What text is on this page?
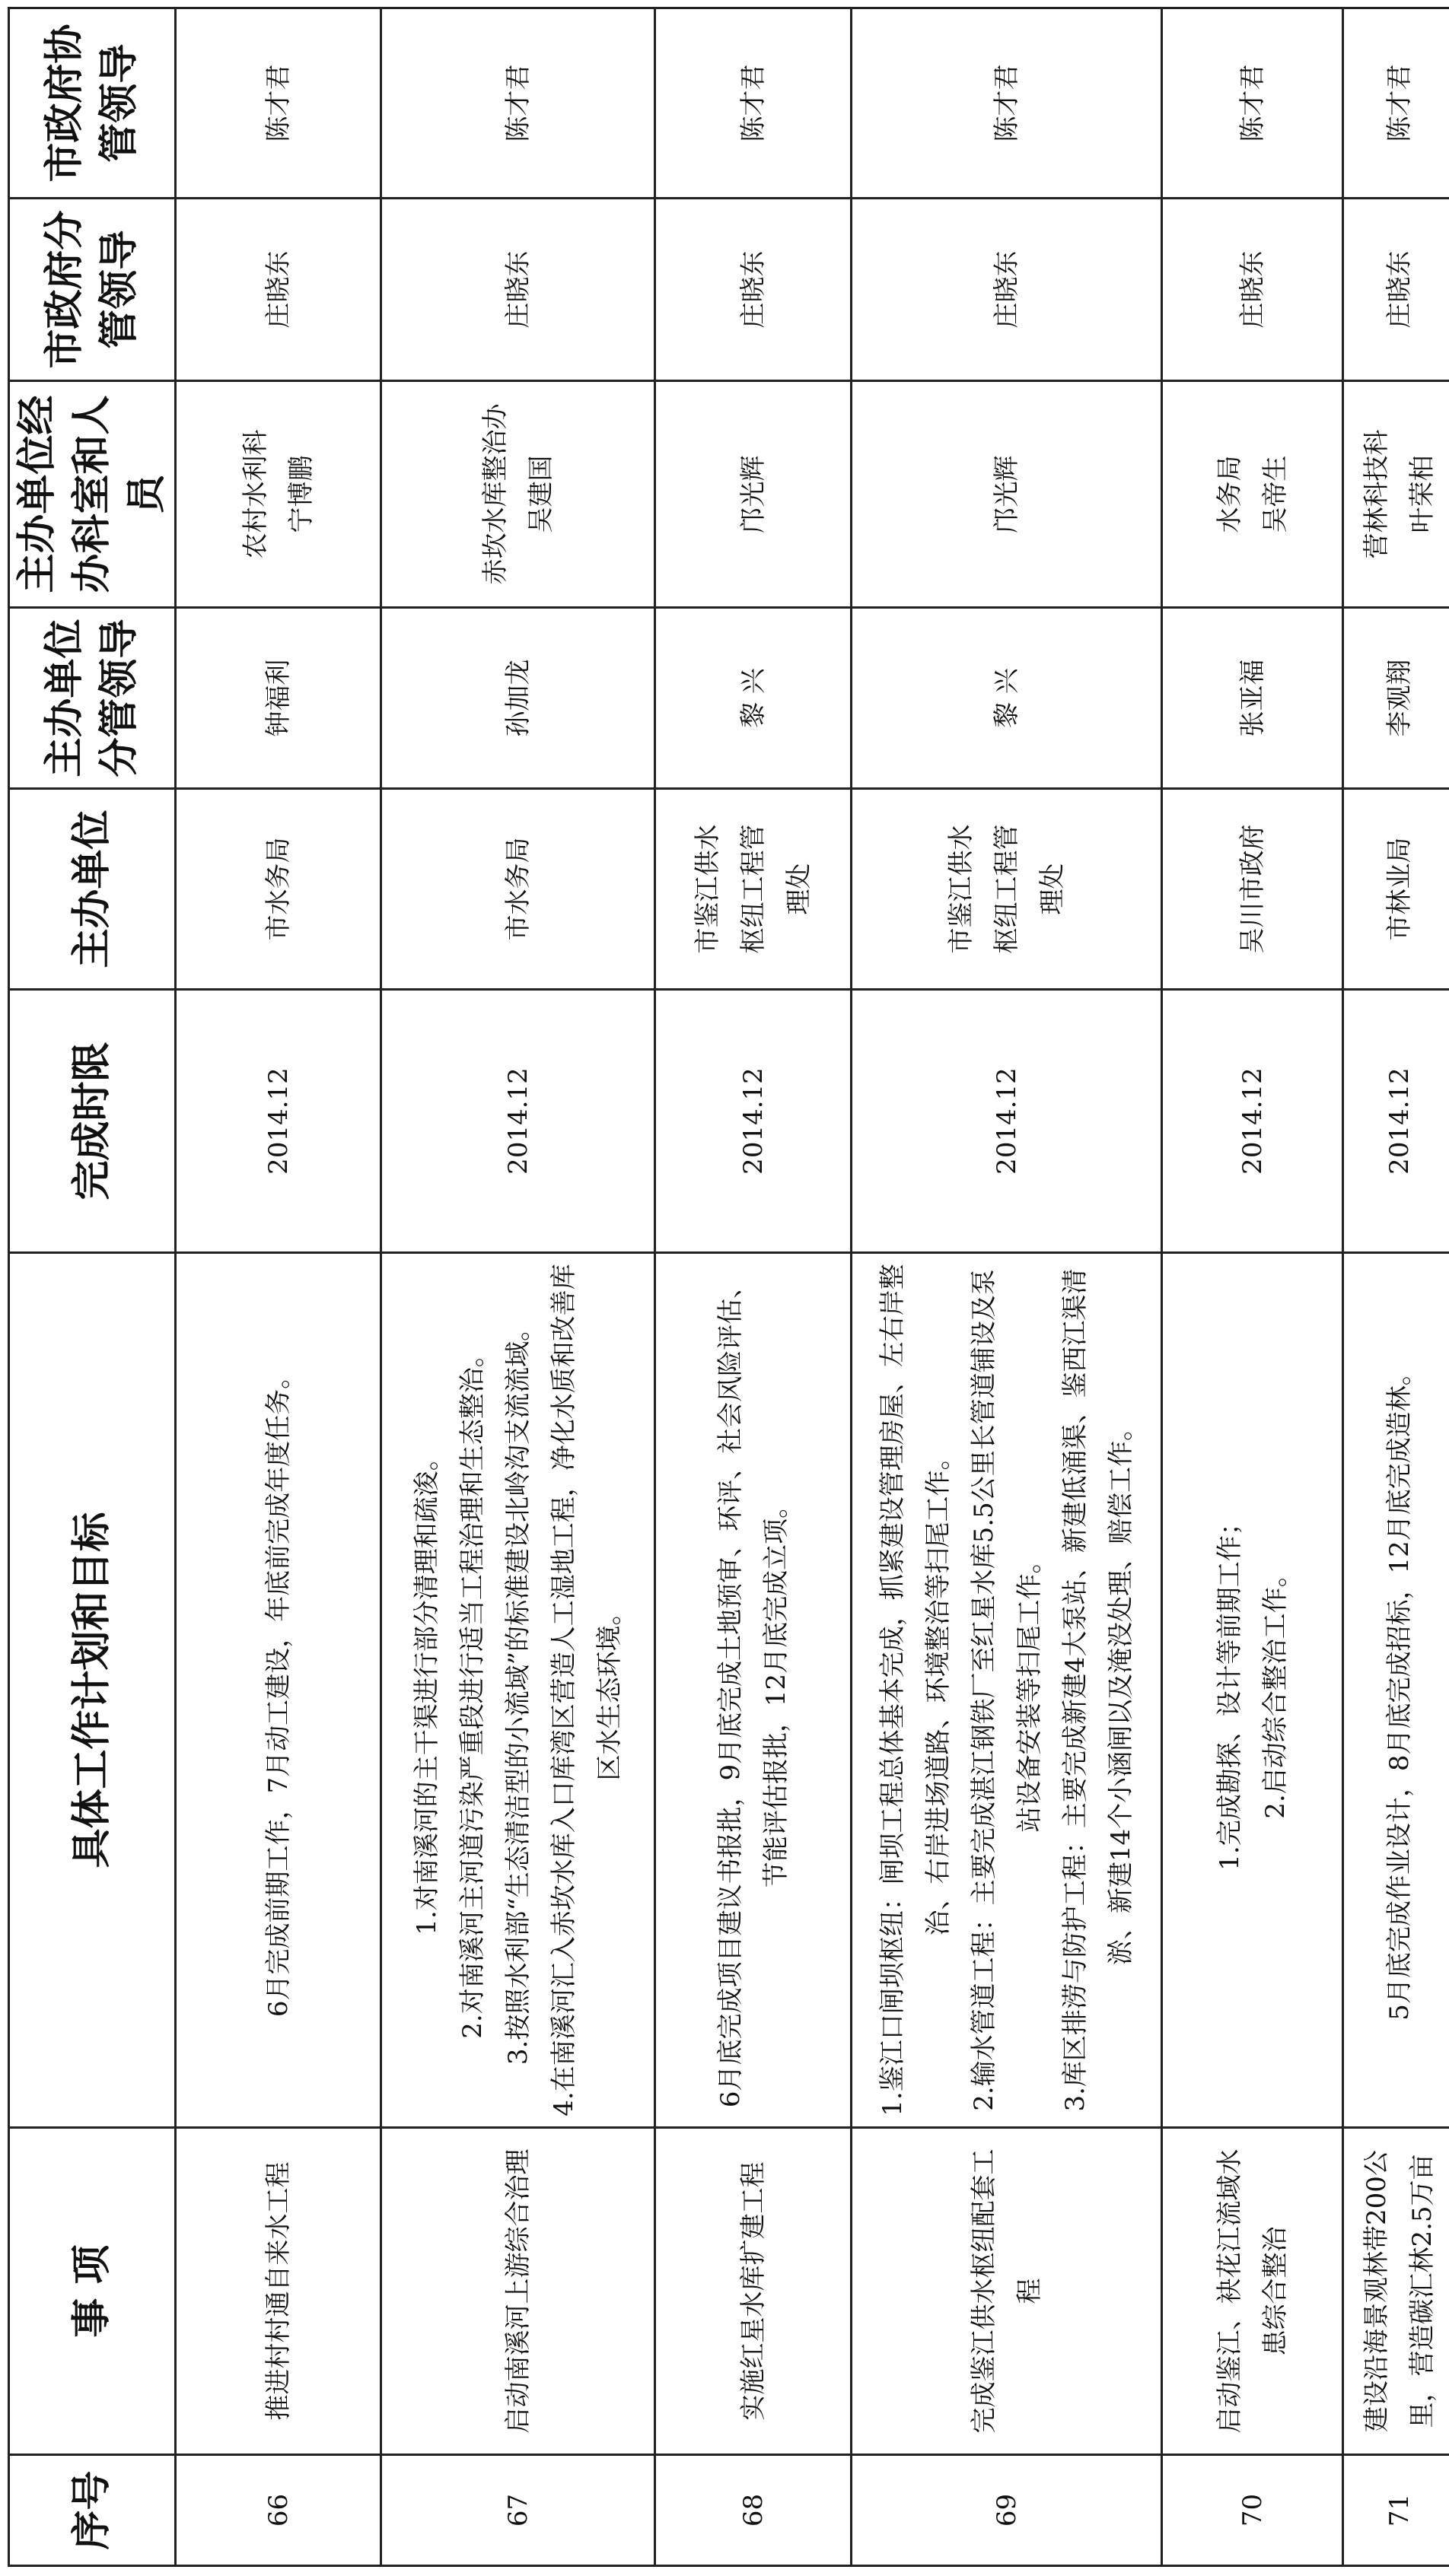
序号	事 项	具体工作计划和目标	完成时限	主办单位	主办单位分管领导	主办单位经办科室和人员	市政府分管领导	市政府协管领导
66	推进村村通自来水工程	6月完成前期工作，7月动工建设，年底前完成年度任务。	2014.12	市水务局	钟福利	农村水利科 宁博鹏	庄晓东	陈才君
67	启动南溪河上游综合治理	1.对南溪河的主干渠进行部分清理和疏浚。 2.对南溪河主河道污染严重段进行适当工程治理和生态整治。 3.按照水利部“生态清洁型的小流域”的标准建设北岭沟支流流域。 4.在南溪河汇入赤坎水库入口库湾区营造人工湿地工程，净化水质和改善库区水生态环境。	2014.12	市水务局	孙加龙	赤坎水库整治办 吴建国	庄晓东	陈才君
68	实施红星水库扩建工程	6月底完成项目建议书报批，9月底完成土地预审、环评、社会风险评估、节能评估报批，12月底完成立项。	2014.12	市鉴江供水 枢纽工程管 理处	黎 兴	邝光辉	庄晓东	陈才君
69	完成鉴江供水枢纽配套工程	1.鉴江口闸坝枢纽：闸坝工程总体基本完成，抓紧建设管理房屋、左右岸整治、右岸进场道路、环境整治等扫尾工作。 2.输水管道工程：主要完成湛江钢铁厂至红星水库5.5公里长管道铺设及泵站设备安装等扫尾工作。 3.库区排涝与防护工程：主要完成新建4大泵站、新建低涌渠、鉴西江渠清淤、新建14个小涵闸以及淹没处理、赔偿工作。	2014.12	市鉴江供水 枢纽工程管 理处	黎 兴	邝光辉	庄晓东	陈才君
70	启动鉴江、袂花江流域水患综合整治	1.完成勘探、设计等前期工作； 2.启动综合整治工作。	2014.12	吴川市政府	张亚福	水务局 吴帝生	庄晓东	陈才君
71	建设沿海景观林带200公里，营造碳汇林2.5万亩	5月底完成作业设计，8月底完成招标，12月底完成造林。	2014.12	市林业局	李观翔	营林科技科 叶荣柏	庄晓东	陈才君
